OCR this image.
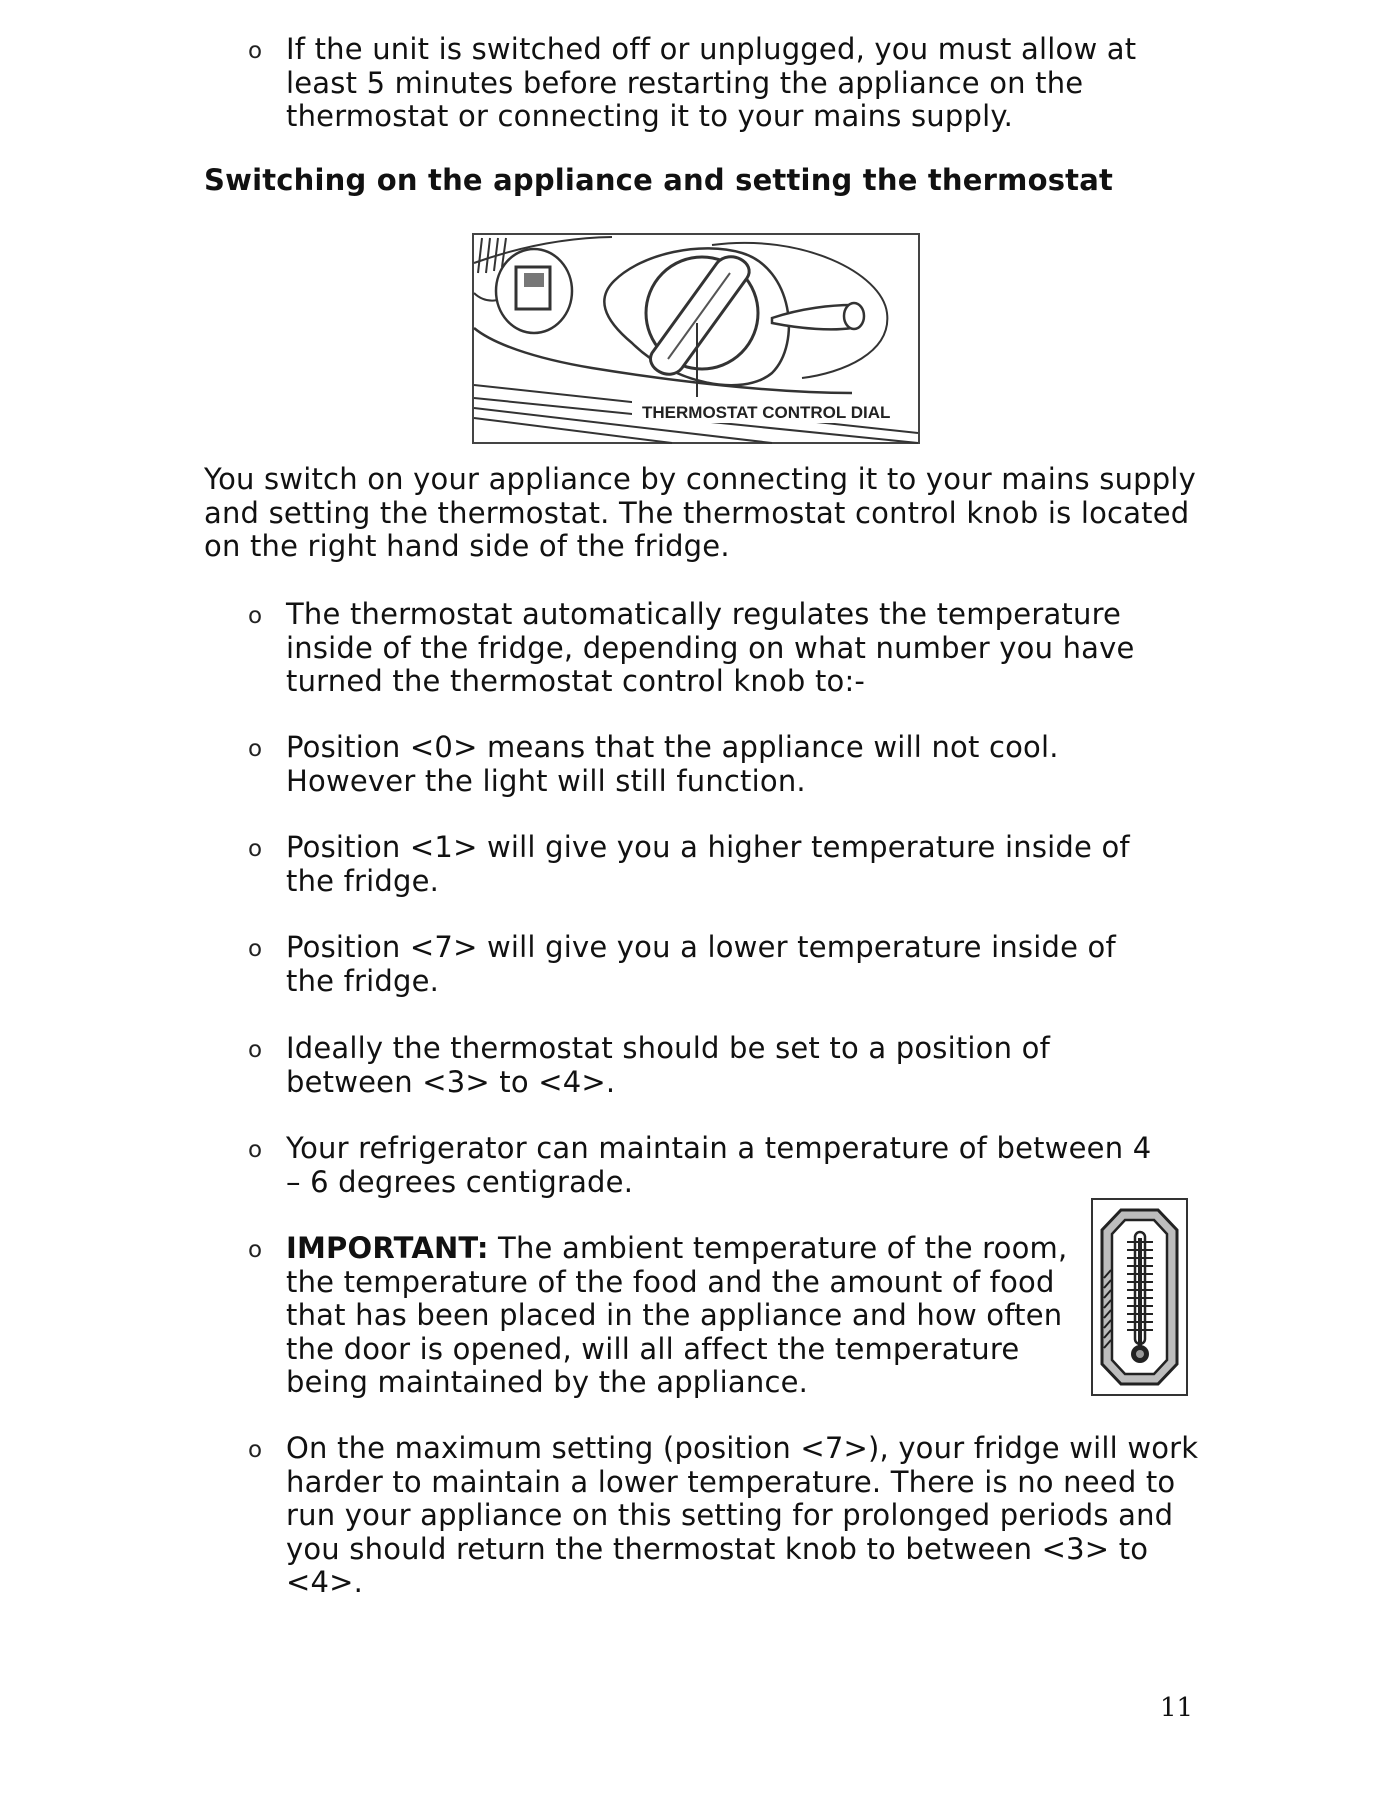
o If the unit is switched off or unplugged, you must allow at least 5 minutes before restarting the appliance on the thermostat or connecting it to your mains supply.
Switching on the appliance and setting the thermostat
THERMOSTAT CONTROL DIAL
You switch on your appliance by connecting it to your mains supply and setting the thermostat. The thermostat control knob is located on the right hand side of the fridge.
o The thermostat automatically regulates the temperature inside of the fridge, depending on what number you have turned the thermostat control knob to:-
o Position <0> means that the appliance will not cool. However the light will still function.
o Position <1> will give you a higher temperature inside of the fridge.
o Position <7> will give you a lower temperature inside of the fridge.
o Ideally the thermostat should be set to a position of between <3> to <4>.
o Your refrigerator can maintain a temperature of between 4 – 6 degrees centigrade.
o IMPORTANT: The ambient temperature of the room, the temperature of the food and the amount of food that has been placed in the appliance and how often the door is opened, will all affect the temperature being maintained by the appliance.
o On the maximum setting (position <7>), your fridge will work harder to maintain a lower temperature. There is no need to run your appliance on this setting for prolonged periods and you should return the thermostat knob to between <3> to <4>.
11
